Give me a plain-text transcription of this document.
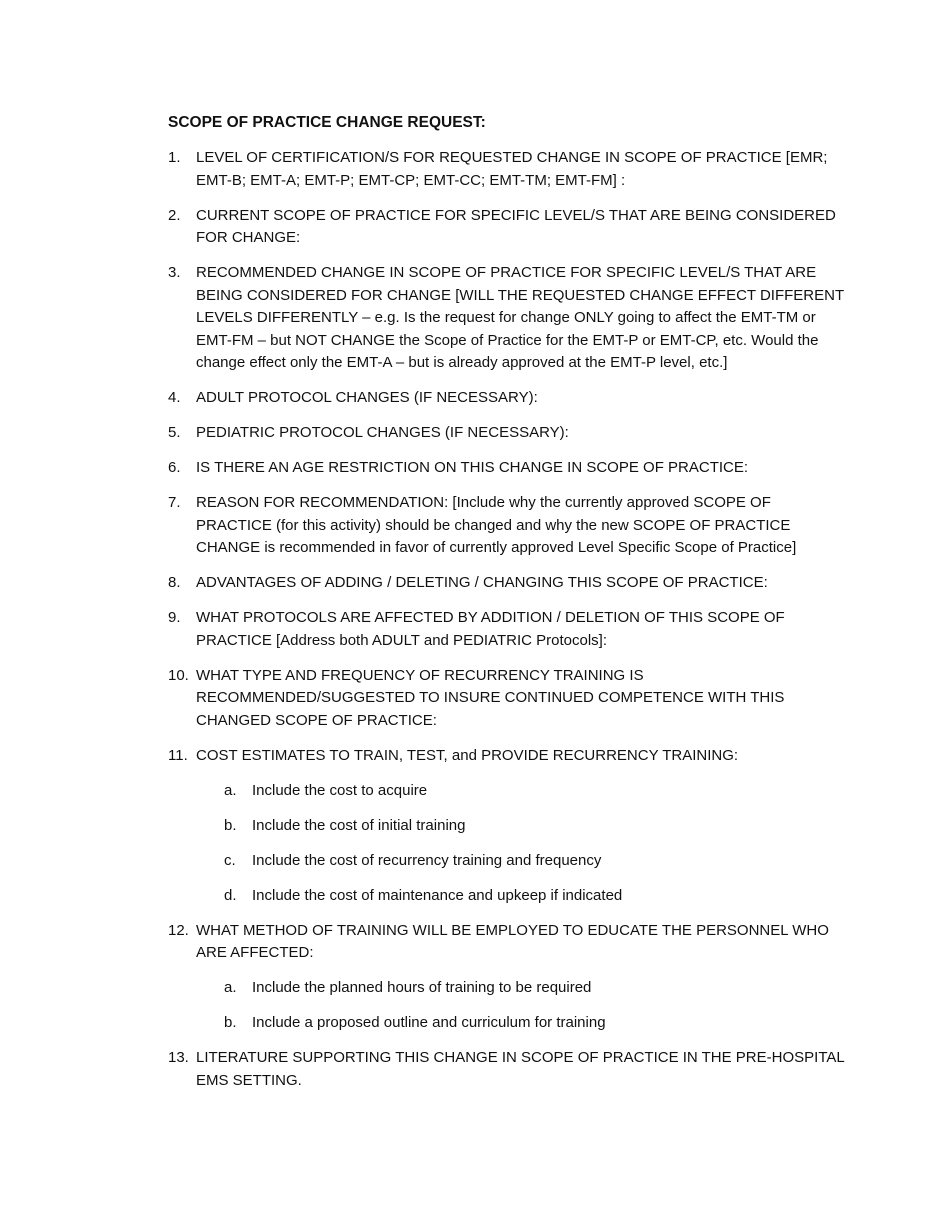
SCOPE OF PRACTICE CHANGE REQUEST:
1.	LEVEL OF CERTIFICATION/S FOR REQUESTED CHANGE IN SCOPE OF PRACTICE [EMR; EMT-B; EMT-A; EMT-P; EMT-CP; EMT-CC; EMT-TM; EMT-FM] :
2.	CURRENT SCOPE OF PRACTICE FOR SPECIFIC LEVEL/S THAT ARE BEING CONSIDERED FOR CHANGE:
3.	RECOMMENDED CHANGE IN SCOPE OF PRACTICE FOR SPECIFIC LEVEL/S THAT ARE BEING CONSIDERED FOR CHANGE [WILL THE REQUESTED CHANGE EFFECT DIFFERENT LEVELS DIFFERENTLY – e.g. Is the request for change ONLY going to affect the EMT-TM or EMT-FM – but NOT CHANGE the Scope of Practice for the EMT-P or EMT-CP, etc. Would the change effect only the EMT-A – but is already approved at the EMT-P level, etc.]
4.	ADULT PROTOCOL CHANGES (IF NECESSARY):
5.	PEDIATRIC PROTOCOL CHANGES (IF NECESSARY):
6.	IS THERE AN AGE RESTRICTION ON THIS CHANGE IN SCOPE OF PRACTICE:
7.	REASON FOR RECOMMENDATION: [Include why the currently approved SCOPE OF PRACTICE (for this activity) should be changed and why the new SCOPE OF PRACTICE CHANGE is recommended in favor of currently approved Level Specific Scope of Practice]
8.	ADVANTAGES OF ADDING / DELETING / CHANGING THIS SCOPE OF PRACTICE:
9.	WHAT PROTOCOLS ARE AFFECTED BY ADDITION / DELETION OF THIS SCOPE OF PRACTICE [Address both ADULT and PEDIATRIC Protocols]:
10. WHAT TYPE AND FREQUENCY OF RECURRENCY TRAINING IS RECOMMENDED/SUGGESTED TO INSURE CONTINUED COMPETENCE WITH THIS CHANGED SCOPE OF PRACTICE:
11. COST ESTIMATES TO TRAIN, TEST, and PROVIDE RECURRENCY TRAINING:
a.	Include the cost to acquire
b.	Include the cost of initial training
c.	Include the cost of recurrency training and frequency
d.	Include the cost of maintenance and upkeep if indicated
12. WHAT METHOD OF TRAINING WILL BE EMPLOYED TO EDUCATE THE PERSONNEL WHO ARE AFFECTED:
a.	Include the planned hours of training to be required
b.	Include a proposed outline and curriculum for training
13. LITERATURE SUPPORTING THIS CHANGE IN SCOPE OF PRACTICE IN THE PRE-HOSPITAL EMS SETTING.
